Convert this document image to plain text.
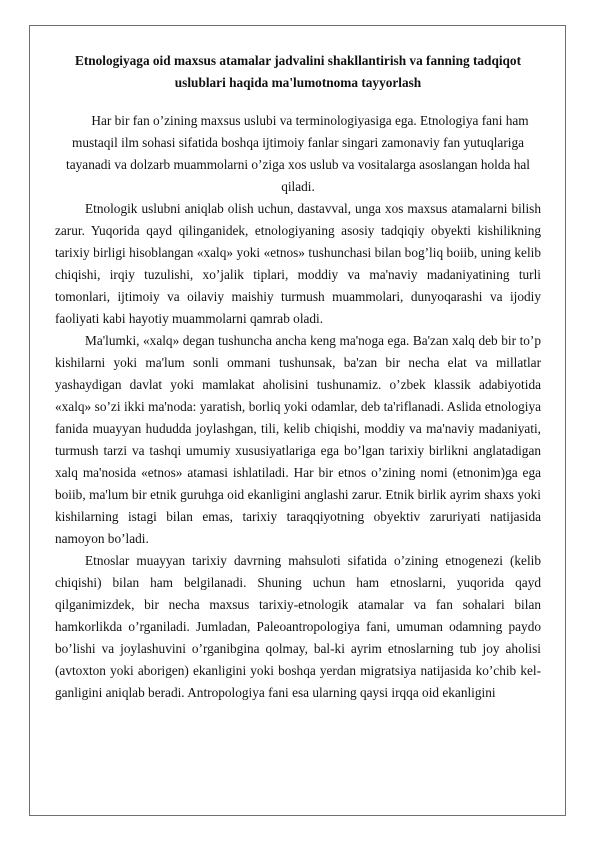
Etnologiyaga oid maxsus atamalar jadvalini shakllantirish va fanning tadqiqot uslublari haqida ma'lumotnoma tayyorlash

Har bir fan o’zining maxsus uslubi va terminologiyasiga ega. Etnologiya fani ham mustaqil ilm sohasi sifatida boshqa ijtimoiy fanlar singari zamonaviy fan yutuqlariga tayanadi va dolzarb muammolarni o’ziga xos uslub va vositalarga asoslangan holda hal qiladi.

Etnologik uslubni aniqlab olish uchun, dastavval, unga xos maxsus atamalarni bilish zarur. Yuqorida qayd qilinganidek, etnologiyaning asosiy tadqiqiy obyekti kishilikning tarixiy birligi hisoblangan «xalq» yoki «etnos» tushunchasi bilan bog’liq boiib, uning kelib chiqishi, irqiy tuzulishi, xo’jalik tiplari, moddiy va ma'naviy madaniyatining turli tomonlari, ijtimoiy va oilaviy maishiy turmush muammolari, dunyoqarashi va ijodiy faoliyati kabi hayotiy muammolarni qamrab oladi.

Ma'lumki, «xalq» degan tushuncha ancha keng ma'noga ega. Ba'zan xalq deb bir to’p kishilarni yoki ma'lum sonli ommani tushunsak, ba'zan bir necha elat va millatlar yashaydigan davlat yoki mamlakat aholisini tushunamiz. o’zbek klassik adabiyotida «xalq» so’zi ikki ma'noda: yaratish, borliq yoki odamlar, deb ta'riflanadi. Aslida etnologiya fanida muayyan hududda joylashgan, tili, kelib chiqishi, moddiy va ma'naviy madaniyati, turmush tarzi va tashqi umumiy xususiyatlariga ega bo’lgan tarixiy birlikni anglatadigan xalq ma'nosida «etnos» atamasi ishlatiladi. Har bir etnos o’zining nomi (etnonim)ga ega boiib, ma'lum bir etnik guruhga oid ekanligini anglashi zarur. Etnik birlik ayrim shaxs yoki kishilarning istagi bilan emas, tarixiy taraqqiyotning obyektiv zaruriyati natijasida namoyon bo’ladi.

Etnoslar muayyan tarixiy davrning mahsuloti sifatida o’zining etnogenezi (kelib chiqishi) bilan ham belgilanadi. Shuning uchun ham etnoslarni, yuqorida qayd qilganimizdek, bir necha maxsus tarixiy-etnologik atamalar va fan sohalari bilan hamkorlikda o’rganiladi. Jumladan, Paleoantropologiya fani, umuman odamning paydo bo’lishi va joylashuvini o’rganibgina qolmay, bal-ki ayrim etnoslarning tub joy aholisi (avtoxton yoki aborigen) ekanligini yoki boshqa yerdan migratsiya natijasida ko’chib kel-ganligini aniqlab beradi. Antropologiya fani esa ularning qaysi irqqa oid ekanligini
